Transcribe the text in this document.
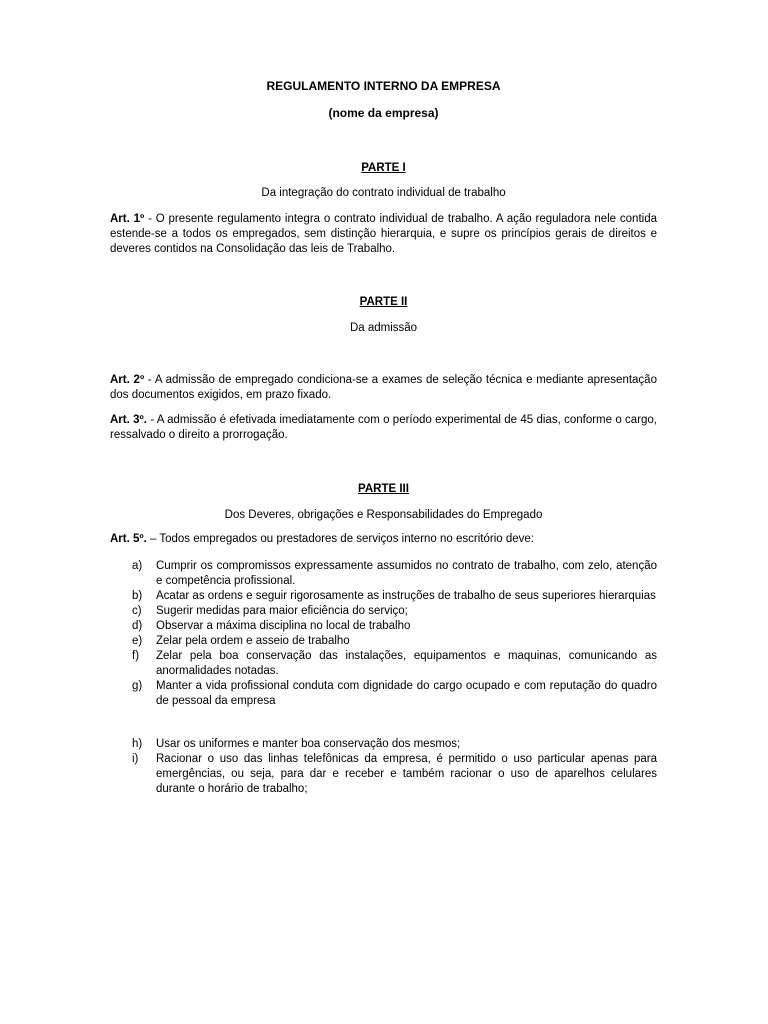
REGULAMENTO INTERNO DA EMPRESA
(nome da empresa)
PARTE I
Da integração do contrato individual de trabalho
Art. 1º - O presente regulamento integra o contrato individual de trabalho. A ação reguladora nele contida estende-se a todos os empregados, sem distinção hierarquia, e supre os princípios gerais de direitos e deveres contidos na Consolidação das leis de Trabalho.
PARTE II
Da admissão
Art. 2º - A admissão de empregado condiciona-se a exames de seleção técnica e mediante apresentação dos documentos exigidos, em prazo fixado.
Art. 3º. - A admissão é efetivada imediatamente com o período experimental de 45 dias, conforme o cargo, ressalvado o direito a prorrogação.
PARTE III
Dos Deveres, obrigações e Responsabilidades do Empregado
Art. 5º. – Todos empregados ou prestadores de serviços interno no escritório deve:
a) Cumprir os compromissos expressamente assumidos no contrato de trabalho, com zelo, atenção e competência profissional.
b) Acatar as ordens e seguir rigorosamente as instruções de trabalho de seus superiores hierarquias
c) Sugerir medidas para maior eficiência do serviço;
d) Observar a máxima disciplina no local de trabalho
e) Zelar pela ordem e asseio de trabalho
f) Zelar pela boa conservação das instalações, equipamentos e maquinas, comunicando as anormalidades notadas.
g) Manter a vida profissional conduta com dignidade do cargo ocupado e com reputação do quadro de pessoal da empresa
h) Usar os uniformes e manter boa conservação dos mesmos;
i) Racionar o uso das linhas telefônicas da empresa, é permitido o uso particular apenas para emergências, ou seja, para dar e receber e também racionar o uso de aparelhos celulares durante o horário de trabalho;
